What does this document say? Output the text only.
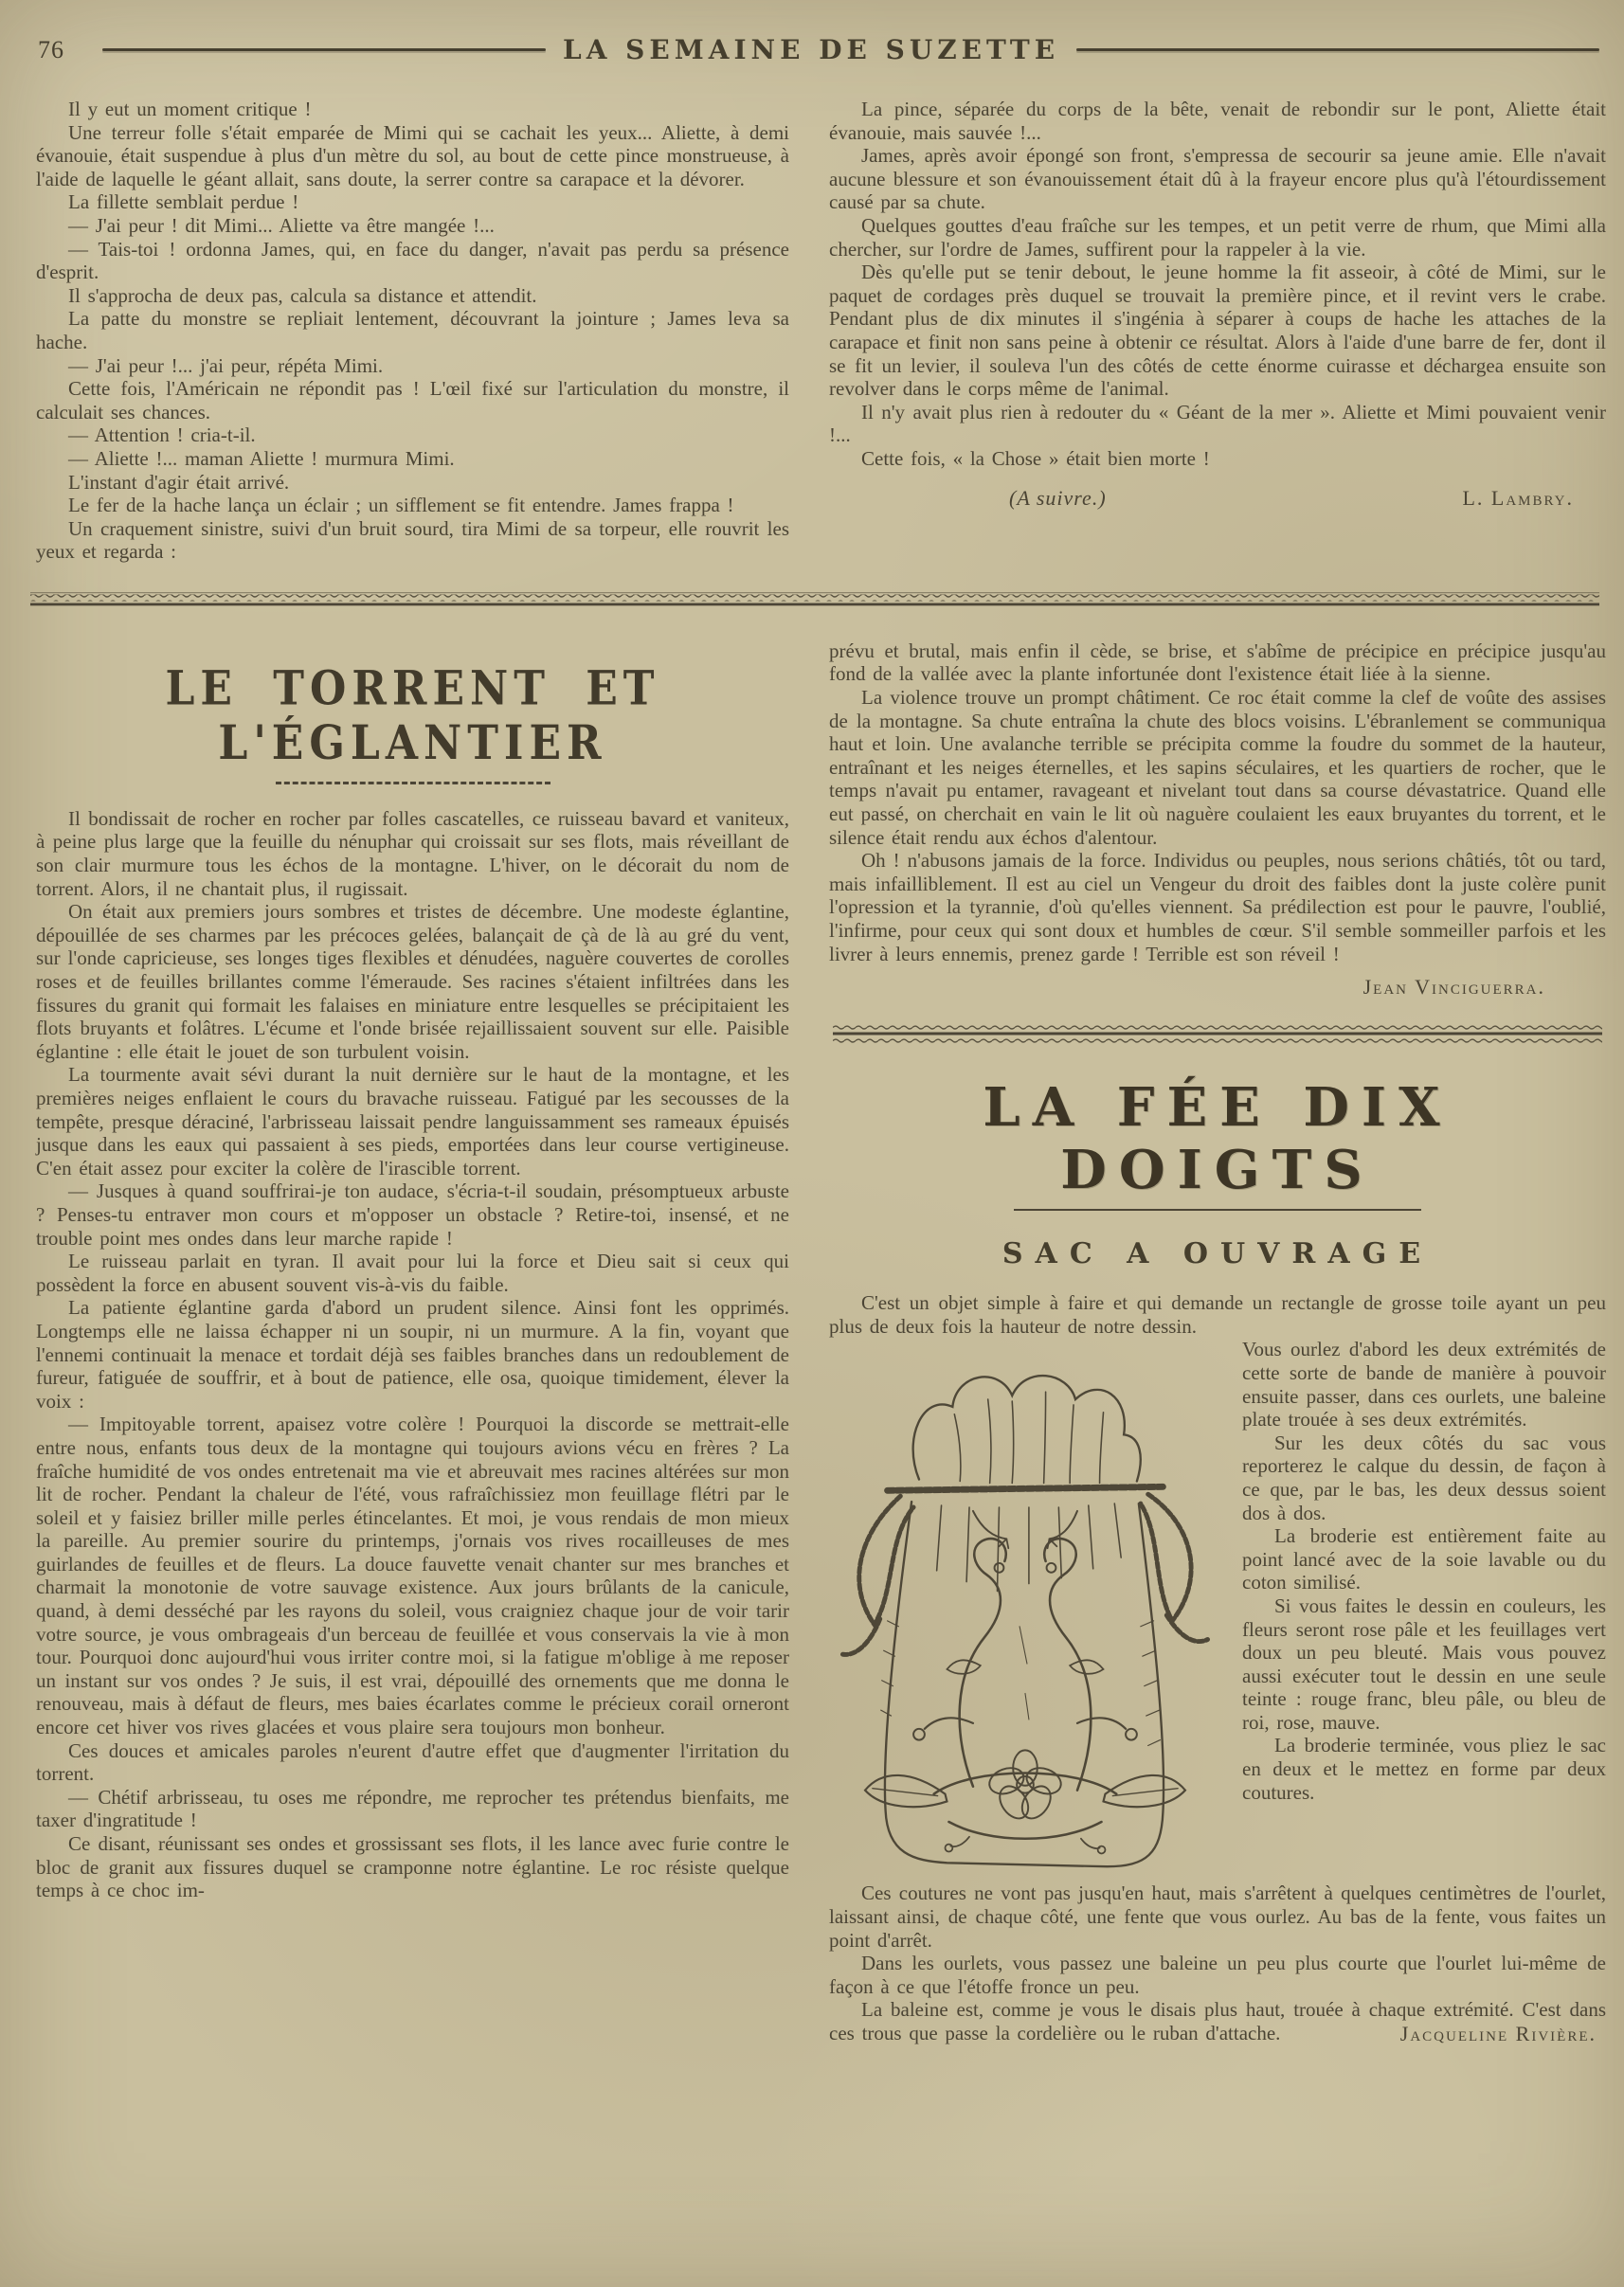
76	LA SEMAINE DE SUZETTE

Il y eut un moment critique !

Une terreur folle s'était emparée de Mimi qui se cachait les yeux... Aliette, à demi évanouie, était suspendue à plus d'un mètre du sol, au bout de cette pince monstrueuse, à l'aide de laquelle le géant allait, sans doute, la serrer contre sa carapace et la dévorer.

La fillette semblait perdue !

— J'ai peur ! dit Mimi... Aliette va être mangée !...

— Tais-toi ! ordonna James, qui, en face du danger, n'avait pas perdu sa présence d'esprit.

Il s'approcha de deux pas, calcula sa distance et attendit.

La patte du monstre se repliait lentement, découvrant la jointure ; James leva sa hache.

— J'ai peur !... j'ai peur, répéta Mimi.

Cette fois, l'Américain ne répondit pas ! L'œil fixé sur l'articulation du monstre, il calculait ses chances.

— Attention ! cria-t-il.

— Aliette !... maman Aliette ! murmura Mimi.

L'instant d'agir était arrivé.

Le fer de la hache lança un éclair ; un sifflement se fit entendre. James frappa !

Un craquement sinistre, suivi d'un bruit sourd, tira Mimi de sa torpeur, elle rouvrit les yeux et regarda :

La pince, séparée du corps de la bête, venait de rebondir sur le pont, Aliette était évanouie, mais sauvée !...

James, après avoir épongé son front, s'empressa de secourir sa jeune amie. Elle n'avait aucune blessure et son évanouissement était dû à la frayeur encore plus qu'à l'étourdissement causé par sa chute.

Quelques gouttes d'eau fraîche sur les tempes, et un petit verre de rhum, que Mimi alla chercher, sur l'ordre de James, suffirent pour la rappeler à la vie.

Dès qu'elle put se tenir debout, le jeune homme la fit asseoir, à côté de Mimi, sur le paquet de cordages près duquel se trouvait la première pince, et il revint vers le crabe. Pendant plus de dix minutes il s'ingénia à séparer à coups de hache les attaches de la carapace et finit non sans peine à obtenir ce résultat. Alors à l'aide d'une barre de fer, dont il se fit un levier, il souleva l'un des côtés de cette énorme cuirasse et déchargea ensuite son revolver dans le corps même de l'animal.

Il n'y avait plus rien à redouter du « Géant de la mer ». Aliette et Mimi pouvaient venir !...

Cette fois, « la Chose » était bien morte !

(A suivre.)	L. Lambry.
LE TORRENT ET L'ÉGLANTIER

Il bondissait de rocher en rocher par folles cascatelles, ce ruisseau bavard et vaniteux, à peine plus large que la feuille du nénuphar qui croissait sur ses flots, mais réveillant de son clair murmure tous les échos de la montagne. L'hiver, on le décorait du nom de torrent. Alors, il ne chantait plus, il rugissait.

On était aux premiers jours sombres et tristes de décembre. Une modeste églantine, dépouillée de ses charmes par les précoces gelées, balançait de çà de là au gré du vent, sur l'onde capricieuse, ses longes tiges flexibles et dénudées, naguère couvertes de corolles roses et de feuilles brillantes comme l'émeraude. Ses racines s'étaient infiltrées dans les fissures du granit qui formait les falaises en miniature entre lesquelles se précipitaient les flots bruyants et folâtres. L'écume et l'onde brisée rejaillissaient souvent sur elle. Paisible églantine : elle était le jouet de son turbulent voisin.

La tourmente avait sévi durant la nuit dernière sur le haut de la montagne, et les premières neiges enflaient le cours du bravache ruisseau. Fatigué par les secousses de la tempête, presque déraciné, l'arbrisseau laissait pendre languissamment ses rameaux épuisés jusque dans les eaux qui passaient à ses pieds, emportées dans leur course vertigineuse. C'en était assez pour exciter la colère de l'irascible torrent.

— Jusques à quand souffrirai-je ton audace, s'écria-t-il soudain, présomptueux arbuste ? Penses-tu entraver mon cours et m'opposer un obstacle ? Retire-toi, insensé, et ne trouble point mes ondes dans leur marche rapide !

Le ruisseau parlait en tyran. Il avait pour lui la force et Dieu sait si ceux qui possèdent la force en abusent souvent vis-à-vis du faible.

La patiente églantine garda d'abord un prudent silence. Ainsi font les opprimés. Longtemps elle ne laissa échapper ni un soupir, ni un murmure. A la fin, voyant que l'ennemi continuait la menace et tordait déjà ses faibles branches dans un redoublement de fureur, fatiguée de souffrir, et à bout de patience, elle osa, quoique timidement, élever la voix :

— Impitoyable torrent, apaisez votre colère ! Pourquoi la discorde se mettrait-elle entre nous, enfants tous deux de la montagne qui toujours avions vécu en frères ? La fraîche humidité de vos ondes entretenait ma vie et abreuvait mes racines altérées sur mon lit de rocher. Pendant la chaleur de l'été, vous rafraîchissiez mon feuillage flétri par le soleil et y faisiez briller mille perles étincelantes. Et moi, je vous rendais de mon mieux la pareille. Au premier sourire du printemps, j'ornais vos rives rocailleuses de mes guirlandes de feuilles et de fleurs. La douce fauvette venait chanter sur mes branches et charmait la monotonie de votre sauvage existence. Aux jours brûlants de la canicule, quand, à demi desséché par les rayons du soleil, vous craigniez chaque jour de voir tarir votre source, je vous ombrageais d'un berceau de feuillée et vous conservais la vie à mon tour. Pourquoi donc aujourd'hui vous irriter contre moi, si la fatigue m'oblige à me reposer un instant sur vos ondes ? Je suis, il est vrai, dépouillé des ornements que me donna le renouveau, mais à défaut de fleurs, mes baies écarlates comme le précieux corail orneront encore cet hiver vos rives glacées et vous plaire sera toujours mon bonheur.

Ces douces et amicales paroles n'eurent d'autre effet que d'augmenter l'irritation du torrent.

— Chétif arbrisseau, tu oses me répondre, me reprocher tes prétendus bienfaits, me taxer d'ingratitude !

Ce disant, réunissant ses ondes et grossissant ses flots, il les lance avec furie contre le bloc de granit aux fissures duquel se cramponne notre églantine. Le roc résiste quelque temps à ce choc im-

prévu et brutal, mais enfin il cède, se brise, et s'abîme de précipice en précipice jusqu'au fond de la vallée avec la plante infortunée dont l'existence était liée à la sienne.

La violence trouve un prompt châtiment. Ce roc était comme la clef de voûte des assises de la montagne. Sa chute entraîna la chute des blocs voisins. L'ébranlement se communiqua haut et loin. Une avalanche terrible se précipita comme la foudre du sommet de la hauteur, entraînant et les neiges éternelles, et les sapins séculaires, et les quartiers de rocher, que le temps n'avait pu entamer, ravageant et nivelant tout dans sa course dévastatrice. Quand elle eut passé, on cherchait en vain le lit où naguère coulaient les eaux bruyantes du torrent, et le silence était rendu aux échos d'alentour.

Oh ! n'abusons jamais de la force. Individus ou peuples, nous serions châtiés, tôt ou tard, mais infailliblement. Il est au ciel un Vengeur du droit des faibles dont la juste colère punit l'opression et la tyrannie, d'où qu'elles viennent. Sa prédilection est pour le pauvre, l'oublié, l'infirme, pour ceux qui sont doux et humbles de cœur. S'il semble sommeiller parfois et les livrer à leurs ennemis, prenez garde ! Terrible est son réveil !

Jean Vinciguerra.
LA FÉE DIX DOIGTS
SAC A OUVRAGE

C'est un objet simple à faire et qui demande un rectangle de grosse toile ayant un peu plus de deux fois la hauteur de notre dessin.

Vous ourlez d'abord les deux extrémités de cette sorte de bande de manière à pouvoir ensuite passer, dans ces ourlets, une baleine plate trouée à ses deux extrémités.

Sur les deux côtés du sac vous reporterez le calque du dessin, de façon à ce que, par le bas, les deux dessus soient dos à dos.

La broderie est entièrement faite au point lancé avec de la soie lavable ou du coton similisé.

Si vous faites le dessin en couleurs, les fleurs seront rose pâle et les feuillages vert doux un peu bleuté. Mais vous pouvez aussi exécuter tout le dessin en une seule teinte : rouge franc, bleu pâle, ou bleu de roi, rose, mauve.

La broderie terminée, vous pliez le sac en deux et le mettez en forme par deux coutures.

Ces coutures ne vont pas jusqu'en haut, mais s'arrêtent à quelques centimètres de l'ourlet, laissant ainsi, de chaque côté, une fente que vous ourlez. Au bas de la fente, vous faites un point d'arrêt.

Dans les ourlets, vous passez une baleine un peu plus courte que l'ourlet lui-même de façon à ce que l'étoffe fronce un peu.

La baleine est, comme je vous le disais plus haut, trouée à chaque extrémité. C'est dans ces trous que passe la cordelière ou le ruban d'attache.	Jacqueline Rivière.
